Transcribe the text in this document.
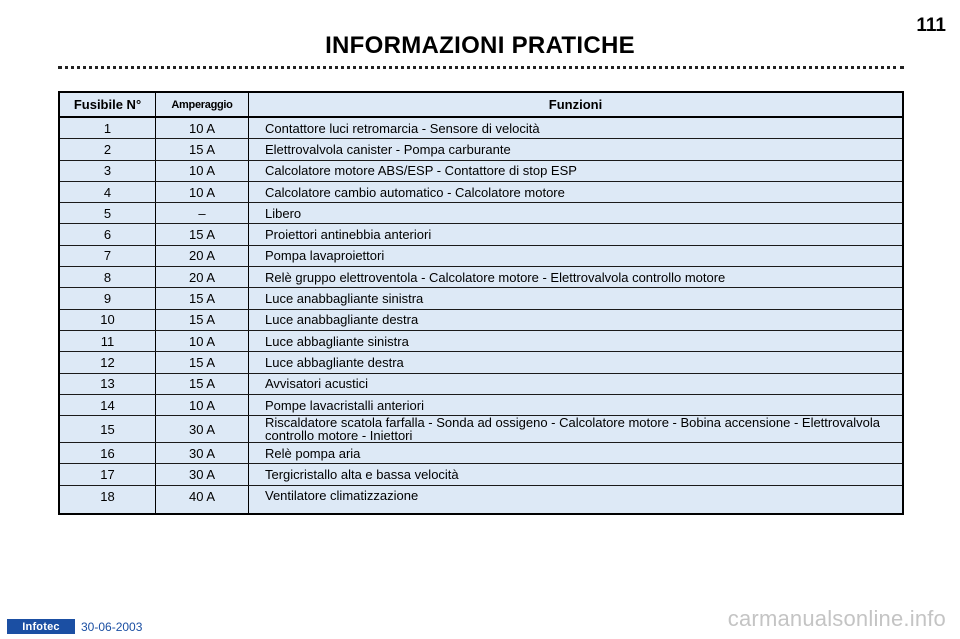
111
INFORMAZIONI PRATICHE
Fusibile N°	Amperaggio	Funzioni
1	10 A	Contattore luci retromarcia - Sensore di velocità
2	15 A	Elettrovalvola canister - Pompa carburante
3	10 A	Calcolatore motore ABS/ESP - Contattore di stop ESP
4	10 A	Calcolatore cambio automatico - Calcolatore motore
5	–	Libero
6	15 A	Proiettori antinebbia anteriori
7	20 A	Pompa lavaproiettori
8	20 A	Relè gruppo elettroventola - Calcolatore motore - Elettrovalvola controllo motore
9	15 A	Luce anabbagliante sinistra
10	15 A	Luce anabbagliante destra
11	10 A	Luce abbagliante sinistra
12	15 A	Luce abbagliante destra
13	15 A	Avvisatori acustici
14	10 A	Pompe lavacristalli anteriori
15	30 A	Riscaldatore scatola farfalla - Sonda ad ossigeno - Calcolatore motore - Bobina accensione - Elettrovalvola controllo motore - Iniettori
16	30 A	Relè pompa aria
17	30 A	Tergicristallo alta e bassa velocità
18	40 A	Ventilatore climatizzazione
Infotec	30-06-2003	carmanualsonline.info
